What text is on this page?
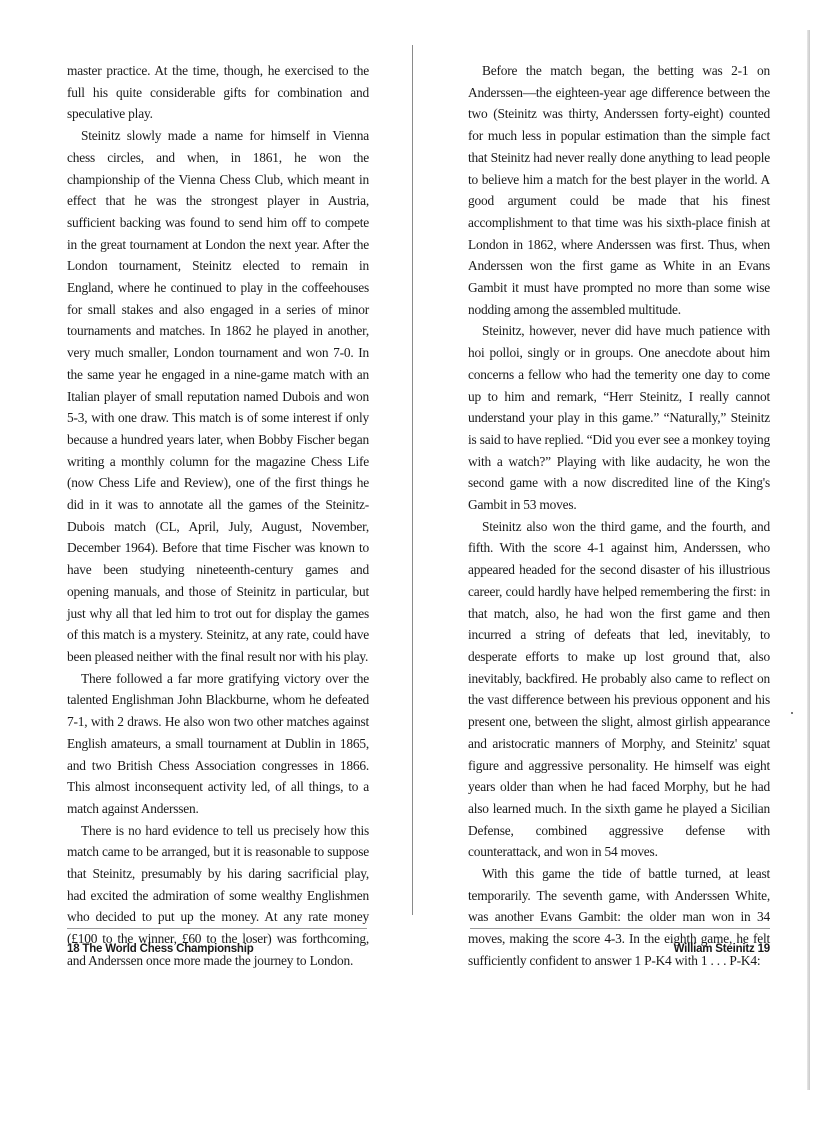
master practice. At the time, though, he exercised to the full his quite considerable gifts for combination and speculative play.

Steinitz slowly made a name for himself in Vienna chess circles, and when, in 1861, he won the championship of the Vienna Chess Club, which meant in effect that he was the strongest player in Austria, sufficient backing was found to send him off to compete in the great tournament at London the next year. After the London tournament, Steinitz elected to remain in England, where he continued to play in the coffeehouses for small stakes and also engaged in a series of minor tournaments and matches. In 1862 he played in another, very much smaller, London tournament and won 7-0. In the same year he engaged in a nine-game match with an Italian player of small reputation named Dubois and won 5-3, with one draw. This match is of some interest if only because a hundred years later, when Bobby Fischer began writing a monthly column for the magazine Chess Life (now Chess Life and Review), one of the first things he did in it was to annotate all the games of the Steinitz-Dubois match (CL, April, July, August, November, December 1964). Before that time Fischer was known to have been studying nineteenth-century games and opening manuals, and those of Steinitz in particular, but just why all that led him to trot out for display the games of this match is a mystery. Steinitz, at any rate, could have been pleased neither with the final result nor with his play.

There followed a far more gratifying victory over the talented Englishman John Blackburne, whom he defeated 7-1, with 2 draws. He also won two other matches against English amateurs, a small tournament at Dublin in 1865, and two British Chess Association congresses in 1866. This almost inconsequent activity led, of all things, to a match against Anderssen.

There is no hard evidence to tell us precisely how this match came to be arranged, but it is reasonable to suppose that Steinitz, presumably by his daring sacrificial play, had excited the admiration of some wealthy Englishmen who decided to put up the money. At any rate money (£100 to the winner, £60 to the loser) was forthcoming, and Anderssen once more made the journey to London.

Before the match began, the betting was 2-1 on Anderssen—the eighteen-year age difference between the two (Steinitz was thirty, Anderssen forty-eight) counted for much less in popular estimation than the simple fact that Steinitz had never really done anything to lead people to believe him a match for the best player in the world. A good argument could be made that his finest accomplishment to that time was his sixth-place finish at London in 1862, where Anderssen was first. Thus, when Anderssen won the first game as White in an Evans Gambit it must have prompted no more than some wise nodding among the assembled multitude.

Steinitz, however, never did have much patience with hoi polloi, singly or in groups. One anecdote about him concerns a fellow who had the temerity one day to come up to him and remark, “Herr Steinitz, I really cannot understand your play in this game.” “Naturally,” Steinitz is said to have replied. “Did you ever see a monkey toying with a watch?” Playing with like audacity, he won the second game with a now discredited line of the King's Gambit in 53 moves.

Steinitz also won the third game, and the fourth, and fifth. With the score 4-1 against him, Anderssen, who appeared headed for the second disaster of his illustrious career, could hardly have helped remembering the first: in that match, also, he had won the first game and then incurred a string of defeats that led, inevitably, to desperate efforts to make up lost ground that, also inevitably, backfired. He probably also came to reflect on the vast difference between his previous opponent and his present one, between the slight, almost girlish appearance and aristocratic manners of Morphy, and Steinitz' squat figure and aggressive personality. He himself was eight years older than when he had faced Morphy, but he had also learned much. In the sixth game he played a Sicilian Defense, combined aggressive defense with counterattack, and won in 54 moves.

With this game the tide of battle turned, at least temporarily. The seventh game, with Anderssen White, was another Evans Gambit: the older man won in 34 moves, making the score 4-3. In the eighth game, he felt sufficiently confident to answer 1 P-K4 with 1 . . . P-K4:

18 The World Chess Championship	William Steinitz 19
